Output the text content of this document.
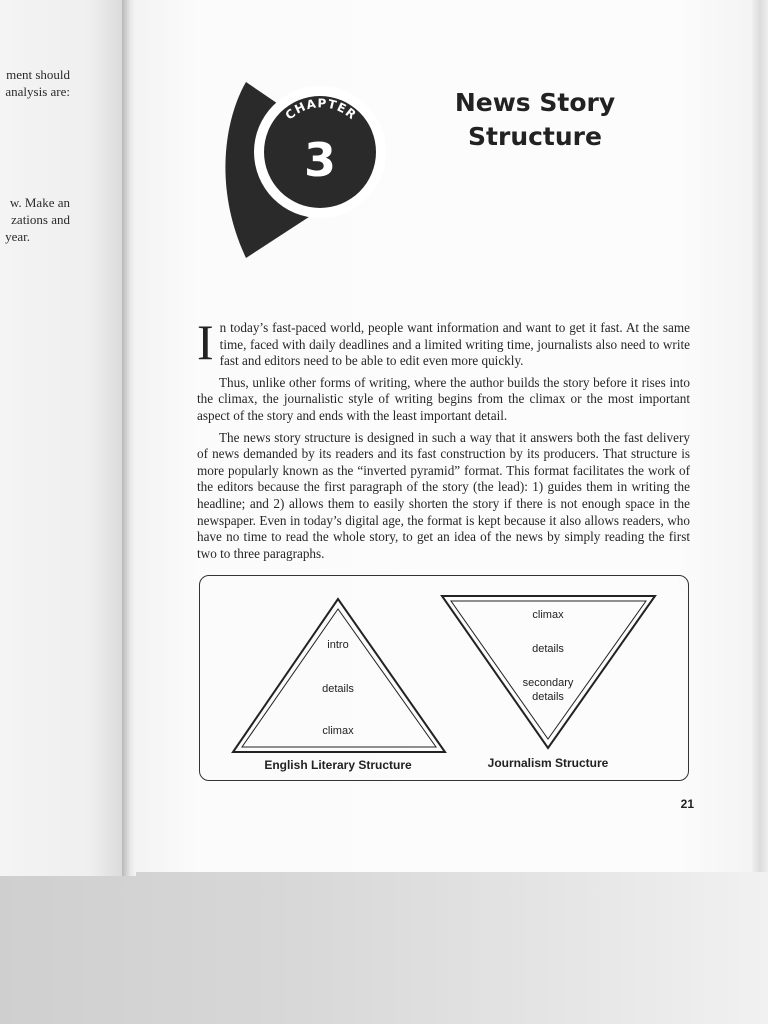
ment should
analysis are:
w. Make an
zations and
year.
CHAPTER
3
News Story
Structure

In today’s fast-paced world, people want information and want to get it fast. At the same time, faced with daily deadlines and a limited writing time, journalists also need to write fast and editors need to be able to edit even more quickly.

Thus, unlike other forms of writing, where the author builds the story before it rises into the climax, the journalistic style of writing begins from the climax or the most important aspect of the story and ends with the least important detail.

The news story structure is designed in such a way that it answers both the fast delivery of news demanded by its readers and its fast construction by its producers. That structure is more popularly known as the “inverted pyramid” format. This format facilitates the work of the editors because the first paragraph of the story (the lead): 1) guides them in writing the headline; and 2) allows them to easily shorten the story if there is not enough space in the newspaper. Even in today’s digital age, the format is kept because it also allows readers, who have no time to read the whole story, to get an idea of the news by simply reading the first two to three paragraphs.

intro
details
climax
climax
details
secondary details
English Literary Structure	Journalism Structure
21
